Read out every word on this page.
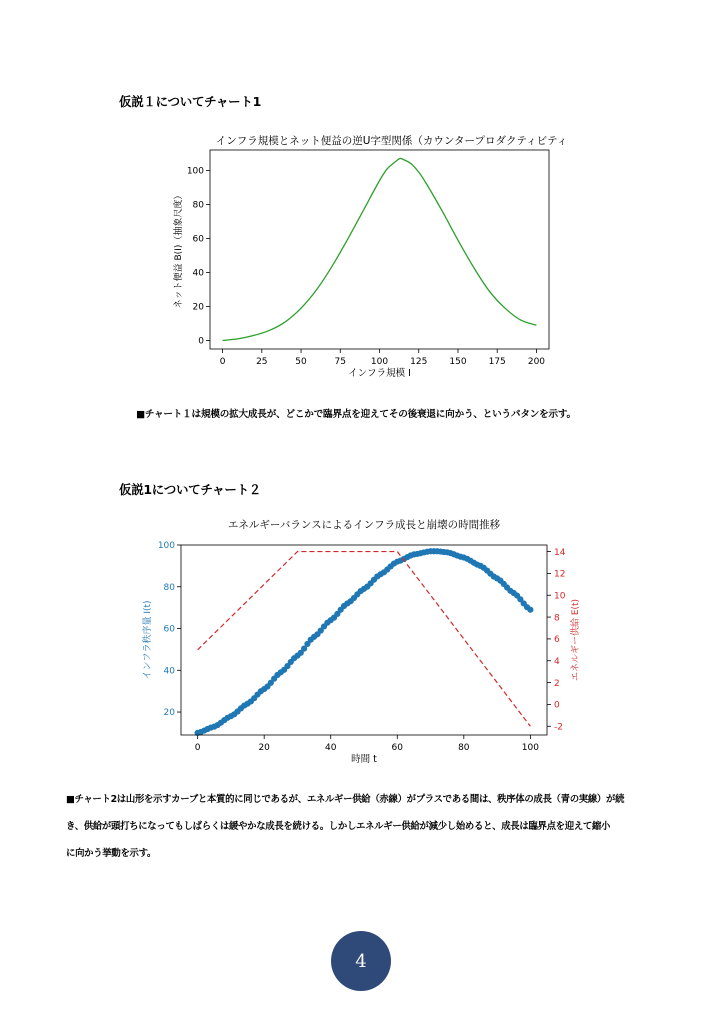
仮説１についてチャート1
インフラ規模とネット便益の逆U字型関係（カウンタープロダクティビティ
0	25	50	75	100 125 150 175 200
0
20
40
60
80
100
インフラ規模 I
ネット便益 B(I)（抽象尺度）
■チャート１は規模の拡大成長が、どこかで臨界点を迎えてその後衰退に向かう、というパタンを示す。
仮説1についてチャート２
エネルギーバランスによるインフラ成長と崩壊の時間推移
0	20	40	60	80	100
20
40
60
80
100
-2
0
2
4
6
8
10
12
14
時間 t
インフラ秩序量 I(t)	エネルギー供給 E(t)
■チャート2は山形を示すカーブと本質的に同じであるが、エネルギー供給（赤線）がプラスである間は、秩序体の成長（青の実線）が続
き、供給が頭打ちになってもしばらくは緩やかな成長を続ける。しかしエネルギー供給が減少し始めると、成長は臨界点を迎えて縮小
に向かう挙動を示す。
4
